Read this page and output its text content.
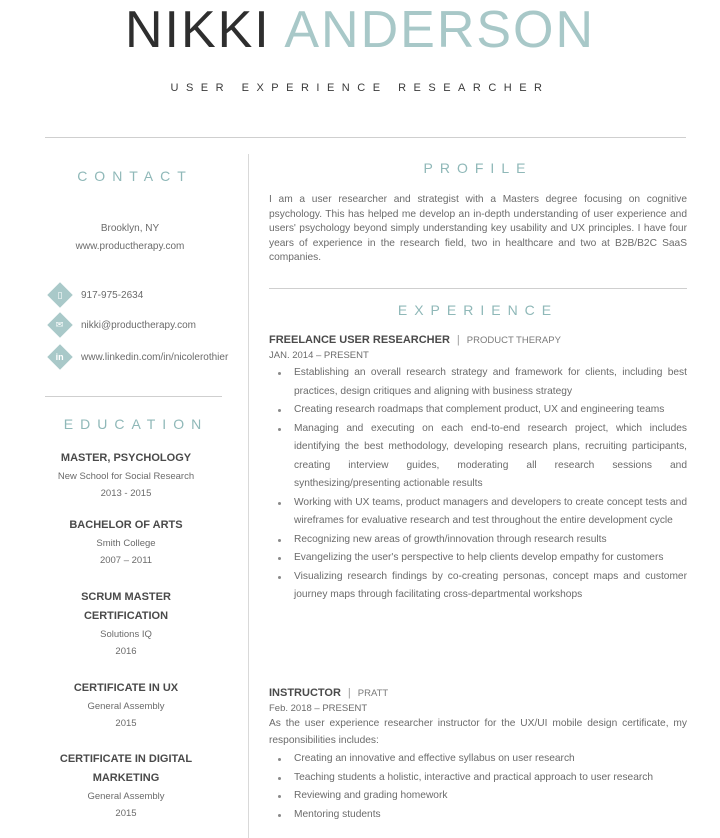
NIKKI ANDERSON
USER EXPERIENCE RESEARCHER
CONTACT
Brooklyn, NY
www.productherapy.com
▯ 917-975-2634
✉ nikki@productherapy.com
in www.linkedin.com/in/nicolerothier
EDUCATION
MASTER, PSYCHOLOGY
New School for Social Research
2013 - 2015
BACHELOR OF ARTS
Smith College
2007 – 2011
SCRUM MASTER CERTIFICATION
Solutions IQ
2016
CERTIFICATE IN UX
General Assembly
2015
CERTIFICATE IN DIGITAL MARKETING
General Assembly
2015
PROFILE
I am a user researcher and strategist with a Masters degree focusing on cognitive psychology. This has helped me develop an in-depth understanding of user experience and users' psychology beyond simply understanding key usability and UX principles. I have four years of experience in the research field, two in healthcare and two at B2B/B2C SaaS companies.
EXPERIENCE
FREELANCE USER RESEARCHER | PRODUCT THERAPY
JAN. 2014 – PRESENT
Establishing an overall research strategy and framework for clients, including best practices, design critiques and aligning with business strategy
Creating research roadmaps that complement product, UX and engineering teams
Managing and executing on each end-to-end research project, which includes identifying the best methodology, developing research plans, recruiting participants, creating interview guides, moderating all research sessions and synthesizing/presenting actionable results
Working with UX teams, product managers and developers to create concept tests and wireframes for evaluative research and test throughout the entire development cycle
Recognizing new areas of growth/innovation through research results
Evangelizing the user's perspective to help clients develop empathy for customers
Visualizing research findings by co-creating personas, concept maps and customer journey maps through facilitating cross-departmental workshops
INSTRUCTOR | PRATT
Feb. 2018 – PRESENT
As the user experience researcher instructor for the UX/UI mobile design certificate, my responsibilities includes:
Creating an innovative and effective syllabus on user research
Teaching students a holistic, interactive and practical approach to user research
Reviewing and grading homework
Mentoring students
